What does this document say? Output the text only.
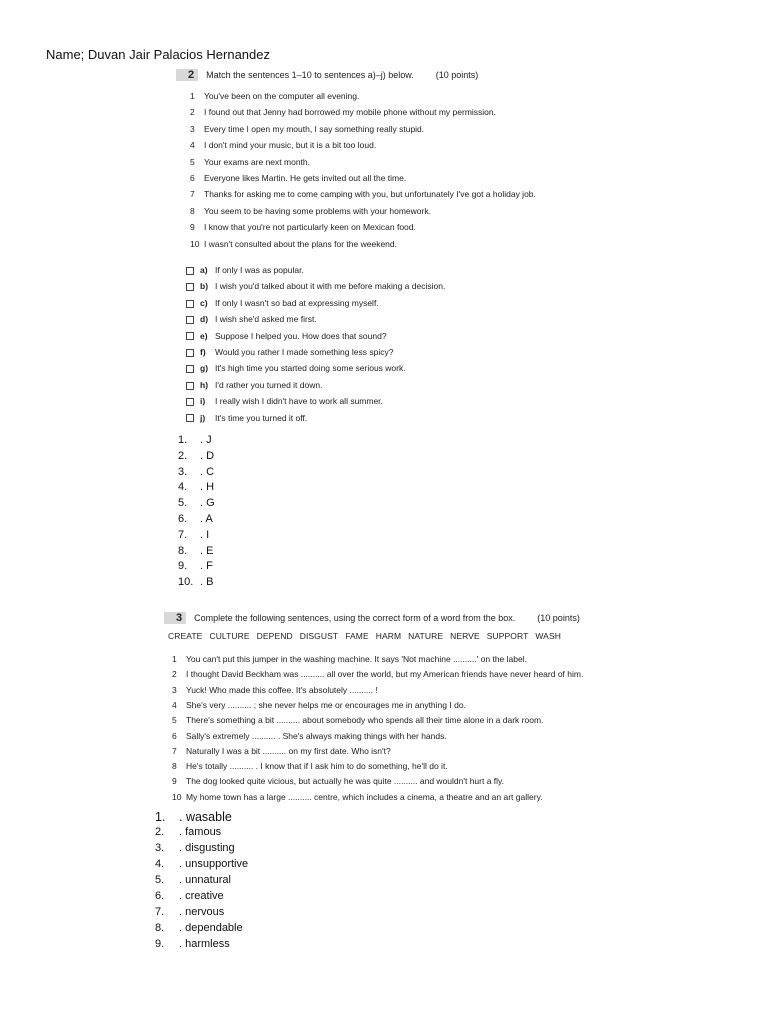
Name; Duvan Jair Palacios Hernandez
2 Match the sentences 1–10 to sentences a)–j) below. (10 points)
1 You've been on the computer all evening.
2 I found out that Jenny had borrowed my mobile phone without my permission.
3 Every time I open my mouth, I say something really stupid.
4 I don't mind your music, but it is a bit too loud.
5 Your exams are next month.
6 Everyone likes Martin. He gets invited out all the time.
7 Thanks for asking me to come camping with you, but unfortunately I've got a holiday job.
8 You seem to be having some problems with your homework.
9 I know that you're not particularly keen on Mexican food.
10 I wasn't consulted about the plans for the weekend.
a) If only I was as popular.
b) I wish you'd talked about it with me before making a decision.
c) If only I wasn't so bad at expressing myself.
d) I wish she'd asked me first.
e) Suppose I helped you. How does that sound?
f) Would you rather I made something less spicy?
g) It's high time you started doing some serious work.
h) I'd rather you turned it down.
i) I really wish I didn't have to work all summer.
j) It's time you turned it off.
1. . J
2. . D
3. . C
4. . H
5. . G
6. . A
7. . I
8. . E
9. . F
10. . B
3 Complete the following sentences, using the correct form of a word from the box. (10 points)
CREATE CULTURE DEPEND DISGUST FAME HARM NATURE NERVE SUPPORT WASH
1 You can't put this jumper in the washing machine. It says 'Not machine ..........' on the label.
2 I thought David Beckham was .......... all over the world, but my American friends have never heard of him.
3 Yuck! Who made this coffee. It's absolutely .......... !
4 She's very .......... ; she never helps me or encourages me in anything I do.
5 There's something a bit .......... about somebody who spends all their time alone in a dark room.
6 Sally's extremely .......... . She's always making things with her hands.
7 Naturally I was a bit .......... on my first date. Who isn't?
8 He's totally .......... . I know that if I ask him to do something, he'll do it.
9 The dog looked quite vicious, but actually he was quite .......... and wouldn't hurt a fly.
10 My home town has a large .......... centre, which includes a cinema, a theatre and an art gallery.
1. . wasable
2. . famous
3. . disgusting
4. . unsupportive
5. . unnatural
6. . creative
7. . nervous
8. . dependable
9. . harmless
